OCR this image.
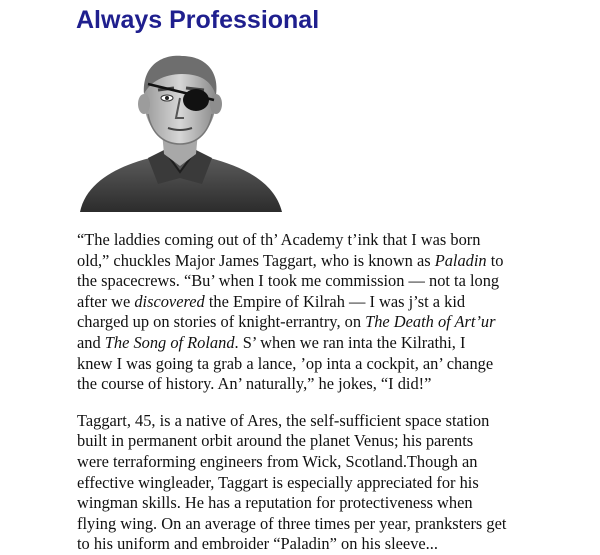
Always Professional

“The laddies coming out of th’ Academy t’ink that I was born
old,” chuckles Major James Taggart, who is known as Paladin to
the spacecrews. “Bu’ when I took me commission — not ta long
after we discovered the Empire of Kilrah — I was j’st a kid
charged up on stories of knight-errantry, on The Death of Art’ur
and The Song of Roland. S’ when we ran inta the Kilrathi, I
knew I was going ta grab a lance, ’op inta a cockpit, an’ change
the course of history. An’ naturally,” he jokes, “I did!”

Taggart, 45, is a native of Ares, the self-sufficient space station
built in permanent orbit around the planet Venus; his parents
were terraforming engineers from Wick, Scotland.Though an
effective wingleader, Taggart is especially appreciated for his
wingman skills. He has a reputation for protectiveness when
flying wing. On an average of three times per year, pranksters get
to his uniform and embroider “Paladin” on his sleeve...
